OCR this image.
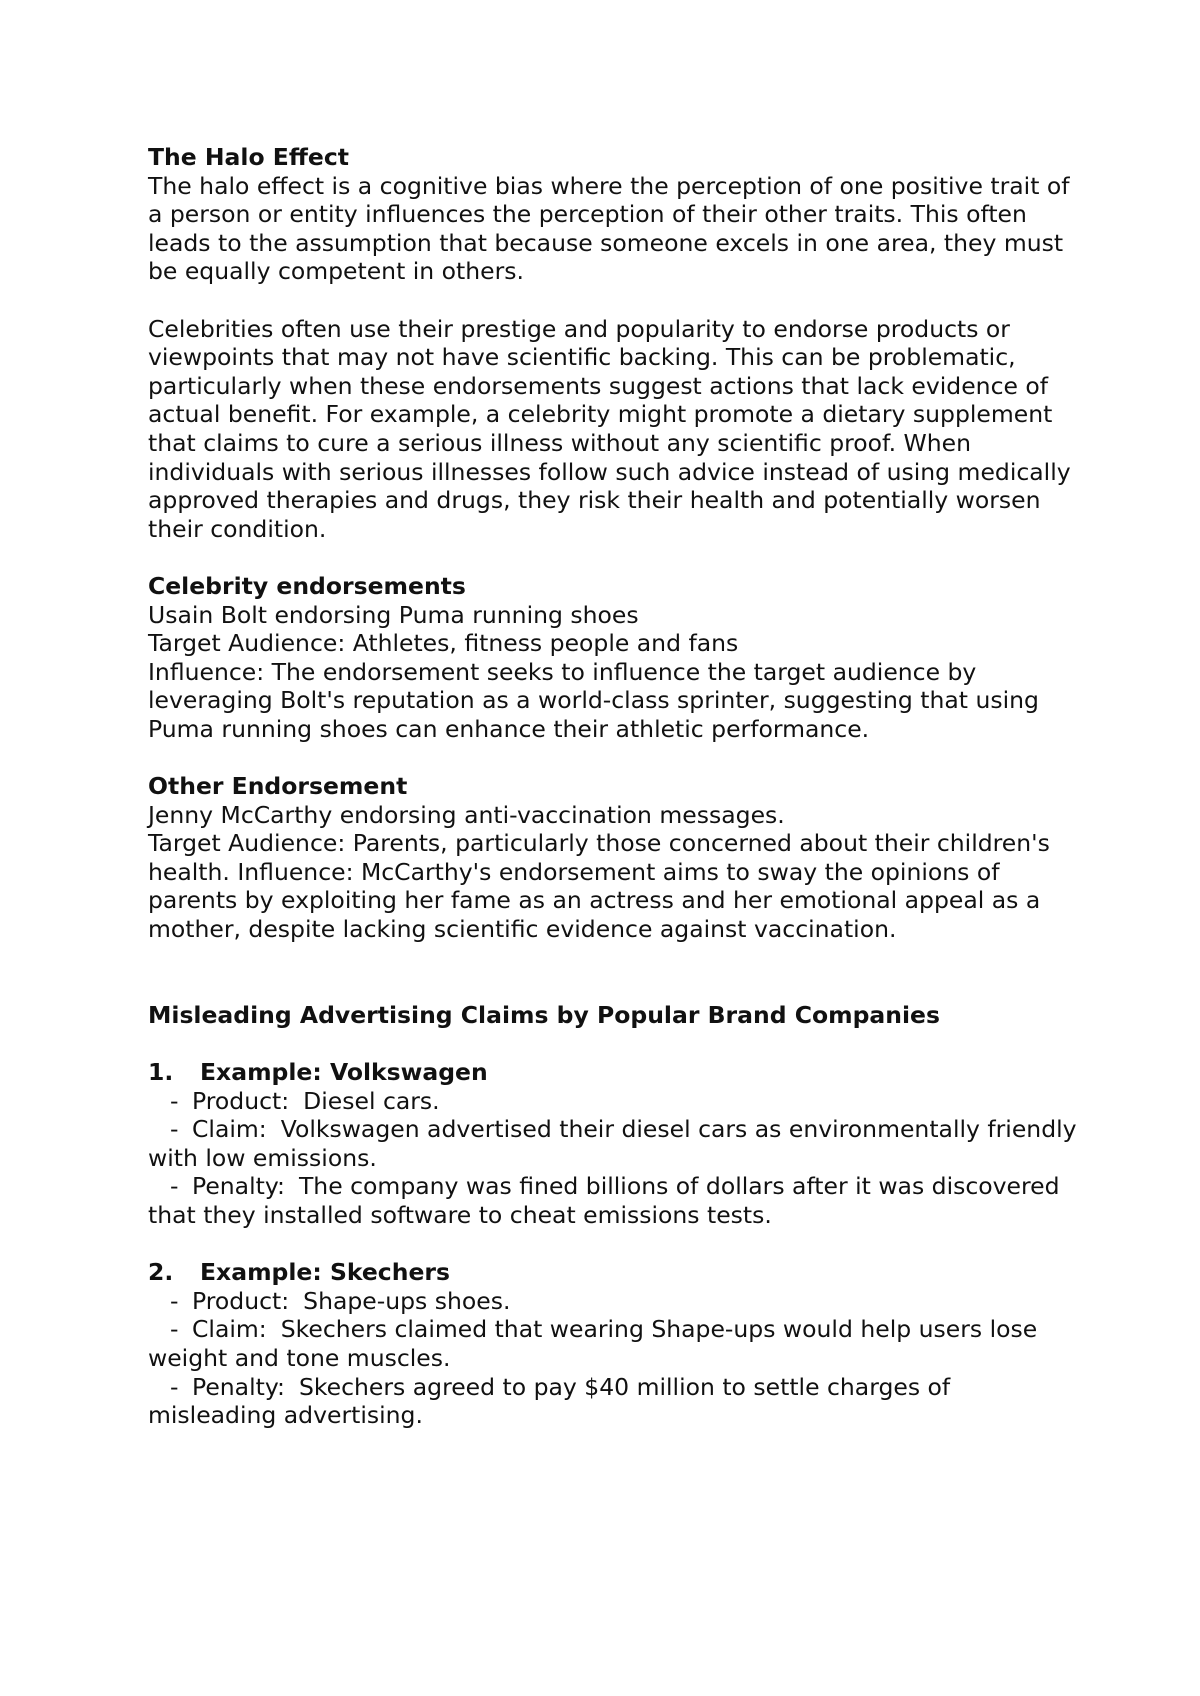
The Halo Effect

The halo effect is a cognitive bias where the perception of one positive trait of a person or entity influences the perception of their other traits. This often leads to the assumption that because someone excels in one area, they must be equally competent in others.

Celebrities often use their prestige and popularity to endorse products or viewpoints that may not have scientific backing. This can be problematic, particularly when these endorsements suggest actions that lack evidence of actual benefit. For example, a celebrity might promote a dietary supplement that claims to cure a serious illness without any scientific proof. When individuals with serious illnesses follow such advice instead of using medically approved therapies and drugs, they risk their health and potentially worsen their condition.

Celebrity endorsements

Usain Bolt endorsing Puma running shoes

Target Audience: Athletes, fitness people and fans

Influence: The endorsement seeks to influence the target audience by leveraging Bolt's reputation as a world-class sprinter, suggesting that using Puma running shoes can enhance their athletic performance.

Other Endorsement

Jenny McCarthy endorsing anti-vaccination messages.

Target Audience: Parents, particularly those concerned about their children's health. Influence: McCarthy's endorsement aims to sway the opinions of parents by exploiting her fame as an actress and her emotional appeal as a mother, despite lacking scientific evidence against vaccination.

Misleading Advertising Claims by Popular Brand Companies

1. Example: Volkswagen

- Product: Diesel cars.

- Claim: Volkswagen advertised their diesel cars as environmentally friendly with low emissions.

- Penalty: The company was fined billions of dollars after it was discovered that they installed software to cheat emissions tests.

2. Example: Skechers

- Product: Shape-ups shoes.

- Claim: Skechers claimed that wearing Shape-ups would help users lose weight and tone muscles.

- Penalty: Skechers agreed to pay $40 million to settle charges of misleading advertising.
